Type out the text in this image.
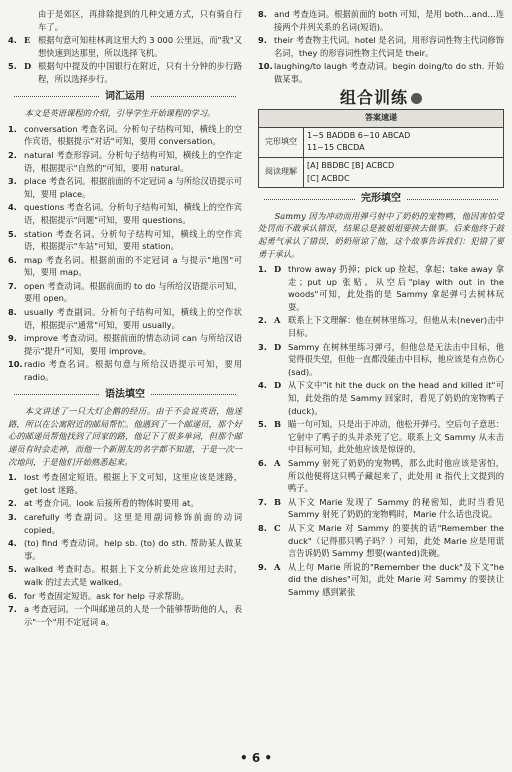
由于是郊区，再排除提到的几种交通方式，只有骑自行车了。
4. E 根据句意可知桂林离这里大约 3 000 公里远，而"我"又想快速到达那里，所以选择飞机。
5. D 根据句中提及的中国银行在附近，只有十分钟的步行路程，所以选择步行。
词汇运用

本文是英语课程的介绍，引导学生开始课程的学习。

1. conversation 考查名词。分析句子结构可知，横线上的空作宾语，根据提示"对话"可知，要用 conversation。
2. natural 考查形容词。分析句子结构可知，横线上的空作定语，根据提示"自然的"可知，要用 natural。
3. place 考查名词。根据前面的不定冠词 a 与所给汉语提示可知，要用 place。
4. questions 考查名词。分析句子结构可知，横线上的空作宾语，根据提示"问题"可知，要用 questions。
5. station 考查名词。分析句子结构可知，横线上的空作宾语，根据提示"车站"可知，要用 station。
6. map 考查名词。根据前面的不定冠词 a 与提示"地图"可知，要用 map。
7. open 考查动词。根据前面的 to do 与所给汉语提示可知，要用 open。
8. usually 考查副词。分析句子结构可知，横线上的空作状语，根据提示"通常"可知，要用 usually。
9. improve 考查动词。根据前面的情态动词 can 与所给汉语提示"提升"可知，要用 improve。
10. radio 考查名词。根据句意与所给汉语提示可知，要用 radio。
语法填空

本文讲述了一只大灯企鹅的经历。由于不会说英语，他迷路，所以在公寓附近的邮局帮忙。他遇到了一个邮递员，那个好心的邮递员帮他找到了回家的路，他记下了很多单词，但那个邮递员有时会走神，而他一个新朋友的名字都不知道，于是一次一次地问，于是他们开始熟悉起来。

1. lost 考查固定短语。根据上下文可知，这里应该是迷路，get lost 迷路。
2. at 考查介词。look 后接所看的物体时要用 at。
3. carefully 考查副词。这里是用副词修饰前面的动词 copied。
4. (to) find 考查动词。help sb. (to) do sth. 帮助某人做某事。
5. walked 考查时态。根据上下文分析此处应该用过去时，walk 的过去式是 walked。
6. for 考查固定短语。ask for help 寻求帮助。
7. a 考查冠词。一个叫邮递员的人是一个能够帮助他的人，表示"一个"用不定冠词 a。
8. and 考查连词。根据前面的 both 可知，是用 both…and…连接两个并列关系的名词(短语)。
9. their 考查物主代词。hotel 是名词，用形容词性物主代词修饰名词，they 的形容词性物主代词是 their。
10. laughing/to laugh 考查动词。begin doing/to do sth. 开始做某事。
组合训练
答案速递	
完形填空	1~5 BADDB 6~10 ABCAD
11~15 CBCDA

阅读理解	[A] BBDBC [B] ACBCD
[C] ACBDC
完形填空

Sammy 因为冲动而用弹弓射中了奶奶的宠物鸭，他因害怕受处罚而不敢承认错误，结果总是被姐姐要挟去做事。后来他终于鼓起勇气承认了错误，奶奶原谅了他，这个故事告诉我们：犯错了要勇于承认。

1. D throw away 扔掉；pick up 捡起，拿起；take away 拿走；put up 张贴。从空后"play with out in the woods"可知，此处指的是 Sammy 拿起弹弓去树林玩耍。
2. A 联系上下文理解：他在树林里练习，但他从未(never)击中目标。
3. D Sammy 在树林里练习弹弓，但他总是无法击中目标，他觉得很失望，但他一直都没能击中目标，他应该是有点伤心(sad)。
4. D 从下文中"it hit the duck on the head and killed it"可知，此处指的是 Sammy 回家时，看见了奶奶的宠物鸭子(duck)。
5. B 瞄一句可知，只是出于冲动，他松开弹弓。空后句子意思：它射中了鸭子的头并杀死了它。联系上文 Sammy 从未击中目标可知，此处他应该是惊讶的。
6. A Sammy 射死了奶奶的宠物鸭，那么此时他应该是害怕，所以他便将这只鸭子藏起来了，此处用 it 指代上文提到的鸭子。
7. B 从下文 Marie 发现了 Sammy 的秘密知，此时当看见 Sammy 射死了奶奶的宠物鸭时，Marie 什么话也没说。
8. C 从下文 Marie 对 Sammy 的要挟的话"Remember the duck"（记得那只鸭子吗？）可知，此处 Marie 应是用谎言告诉奶奶 Sammy 想要(wanted)洗碗。
9. A 从上句 Marie 所说的"Remember the duck"及下文"he did the dishes"可知，此处 Marie 对 Sammy 的要挟让 Sammy 感到紧张
• 6 •
